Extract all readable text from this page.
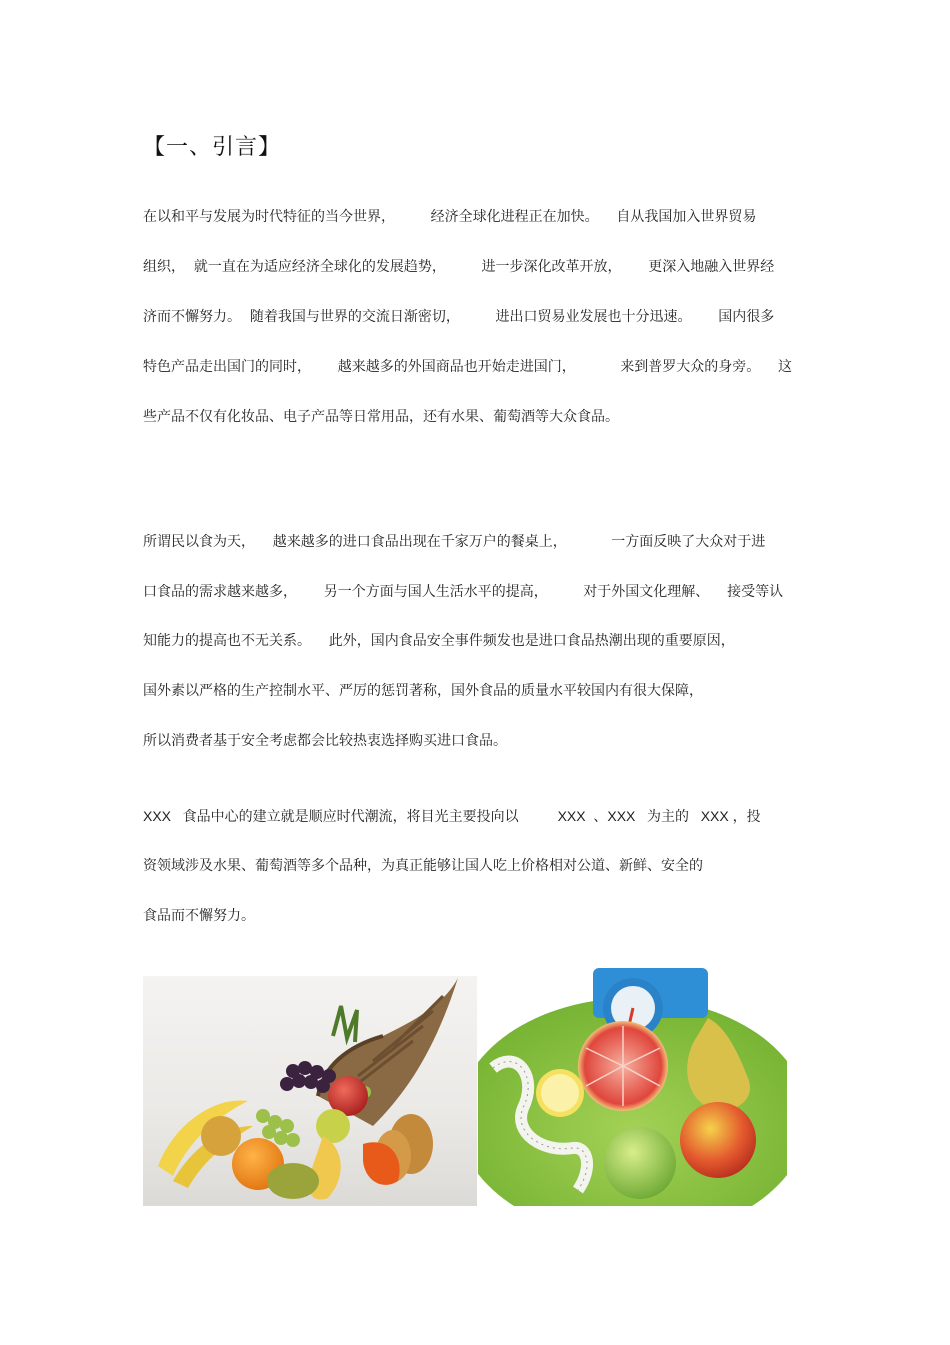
【一、引言】
在以和平与发展为时代特征的当今世界，        经济全球化进程正在加快。    自从我国加入世界贸易
组织，  就一直在为适应经济全球化的发展趋势，        进一步深化改革开放，      更深入地融入世界经
济而不懈努力。  随着我国与世界的交流日渐密切，        进出口贸易业发展也十分迅速。      国内很多
特色产品走出国门的同时，      越来越多的外国商品也开始走进国门，          来到普罗大众的身旁。    这
些产品不仅有化妆品、电子产品等日常用品，还有水果、葡萄酒等大众食品。
所谓民以食为天，    越来越多的进口食品出现在千家万户的餐桌上，          一方面反映了大众对于进
口食品的需求越来越多，      另一个方面与国人生活水平的提高，        对于外国文化理解、    接受等认
知能力的提高也不无关系。    此外，国内食品安全事件频发也是进口食品热潮出现的重要原因，
国外素以严格的生产控制水平、严厉的惩罚著称，国外食品的质量水平较国内有很大保障，
所以消费者基于安全考虑都会比较热衷选择购买进口食品。
XXX   食品中心的建立就是顺应时代潮流，将目光主要投向以          XXX  、XXX   为主的   XXX ，投
资领域涉及水果、葡萄酒等多个品种，为真正能够让国人吃上价格相对公道、新鲜、安全的
食品而不懈努力。
